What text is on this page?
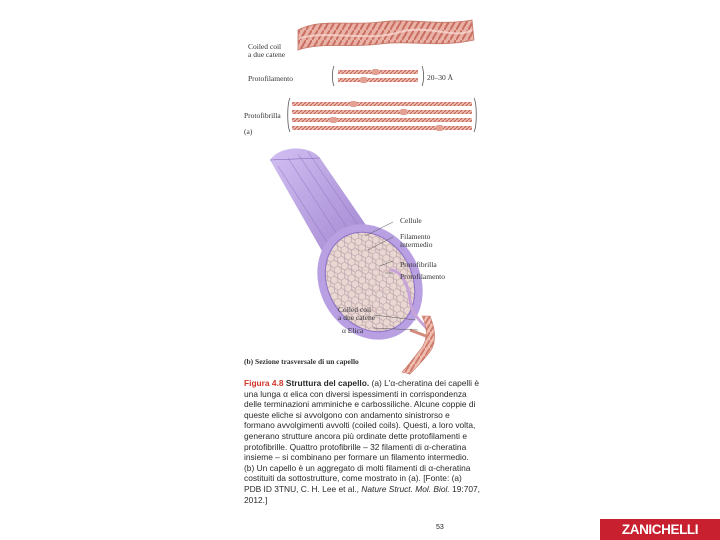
Coiled coil
a due catene
Protofilamento	20–30 Å
Protofibrilla
(a)
Cellule
Filamento
intermedio
Protofibrilla
Protofilamento
Coiled coil
a due catene
α Elica
(b) Sezione trasversale di un capello
Figura 4.8 Struttura del capello. (a) L'α-cheratina dei capelli è una lunga α elica con diversi ispessimenti in corrispondenza delle terminazioni amminiche e carbossiliche. Alcune coppie di queste eliche si avvolgono con andamento sinistrorso e formano avvolgimenti avvolti (coiled coils). Questi, a loro volta, generano strutture ancora più ordinate dette protofilamenti e protofibrille. Quattro protofibrille – 32 filamenti di α-cheratina insieme – si combinano per formare un filamento intermedio. (b) Un capello è un aggregato di molti filamenti di α-cheratina costituiti da sottostrutture, come mostrato in (a). [Fonte: (a) PDB ID 3TNU, C. H. Lee et al., Nature Struct. Mol. Biol. 19:707, 2012.]
53	ZANICHELLI
